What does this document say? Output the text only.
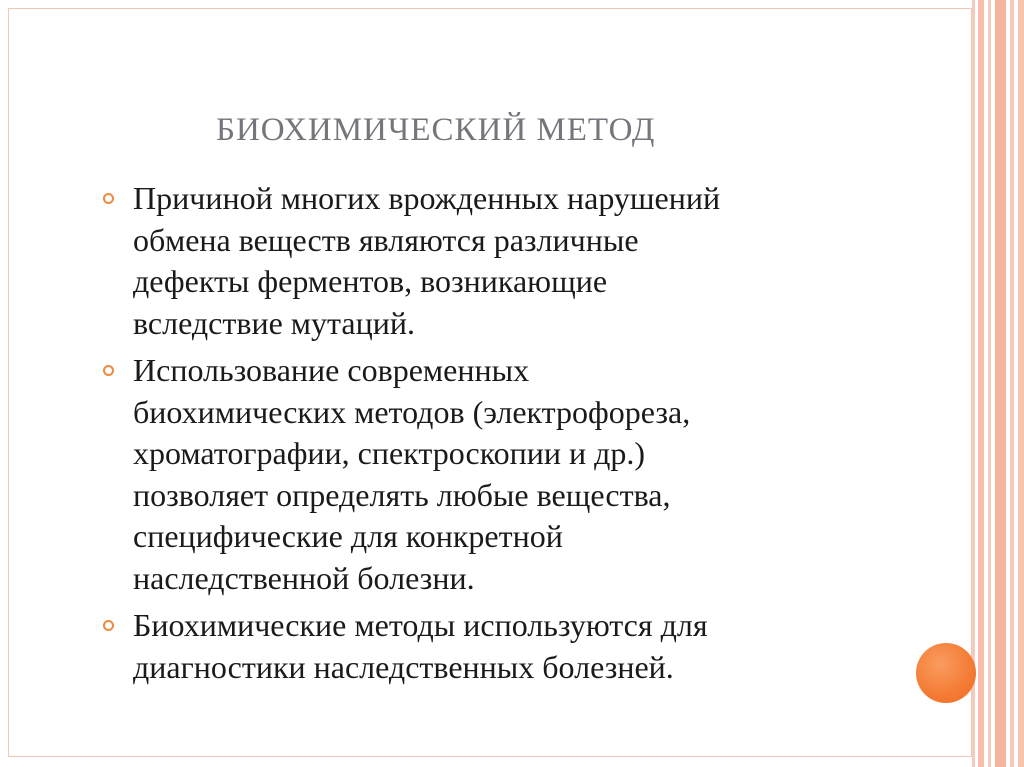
БИОХИМИЧЕСКИЙ МЕТОД
Причиной многих врожденных нарушений
обмена веществ являются различные
дефекты ферментов, возникающие
вследствие мутаций.
Использование современных
биохимических методов (электрофореза,
хроматографии, спектроскопии и др.)
позволяет определять любые вещества,
специфические для конкретной
наследственной болезни.
Биохимические методы используются для
диагностики наследственных болезней.
